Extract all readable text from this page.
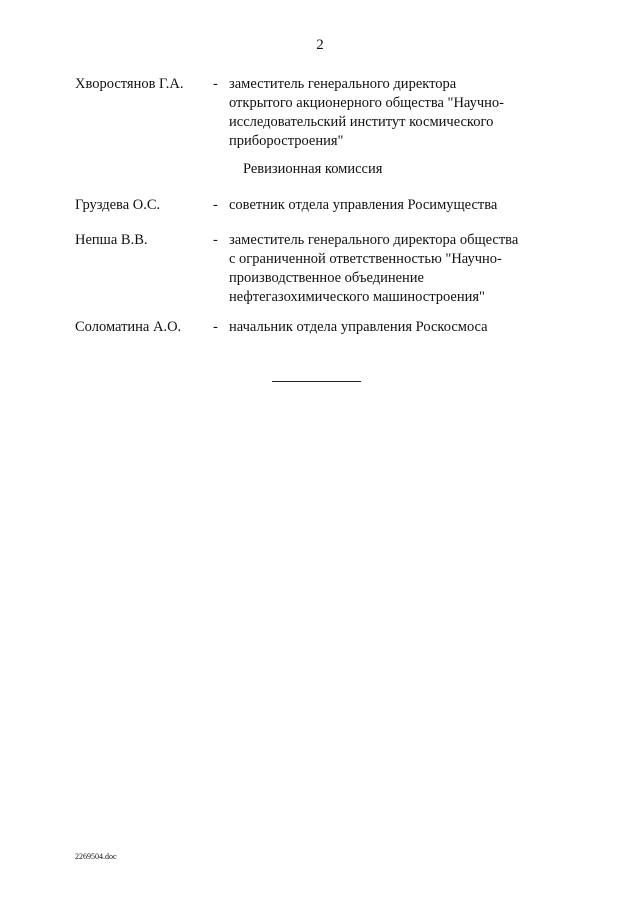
2
Хворостянов Г.А. - заместитель генерального директора
открытого акционерного общества "Научно-
исследовательский институт космического
приборостроения"
Ревизионная комиссия
Груздева О.С.	- советник отдела управления Росимущества
Непша В.В.	- заместитель генерального директора общества
с ограниченной ответственностью "Научно-
производственное объединение
нефтегазохимического машиностроения"
Соломатина А.О. - начальник отдела управления Роскосмоса
2269504.doc
